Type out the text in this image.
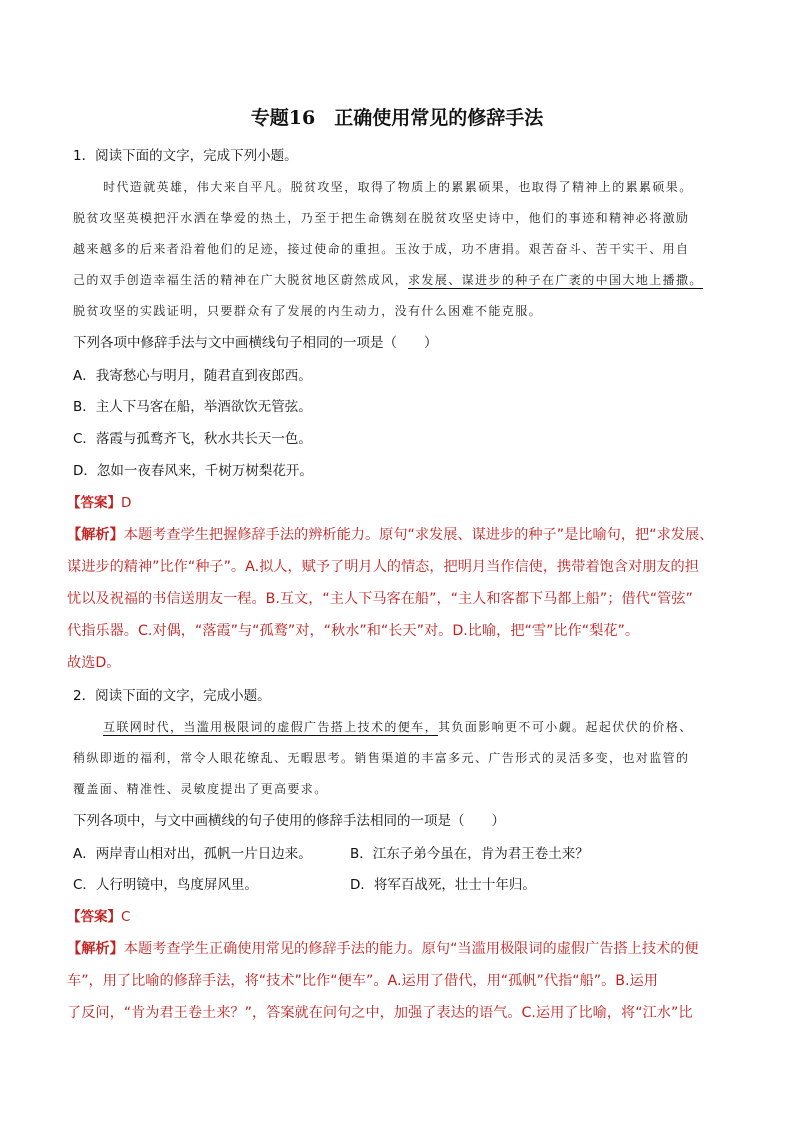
专题16　正确使用常见的修辞手法
1．阅读下面的文字，完成下列小题。
时代造就英雄，伟大来自平凡。脱贫攻坚，取得了物质上的累累硕果，也取得了精神上的累累硕果。
脱贫攻坚英模把汗水洒在挚爱的热土，乃至于把生命镌刻在脱贫攻坚史诗中，他们的事迹和精神必将激励
越来越多的后来者沿着他们的足迹，接过使命的重担。玉汝于成，功不唐捐。艰苦奋斗、苦干实干、用自
己的双手创造幸福生活的精神在广大脱贫地区蔚然成风，求发展、谋进步的种子在广袤的中国大地上播撒。
脱贫攻坚的实践证明，只要群众有了发展的内生动力，没有什么困难不能克服。
下列各项中修辞手法与文中画横线句子相同的一项是（　　）
A．我寄愁心与明月，随君直到夜郎西。
B．主人下马客在船，举酒欲饮无管弦。
C．落霞与孤鹜齐飞，秋水共长天一色。
D．忽如一夜春风来，千树万树梨花开。
【答案】D
【解析】本题考查学生把握修辞手法的辨析能力。原句“求发展、谋进步的种子”是比喻句，把“求发展、
谋进步的精神”比作“种子”。A.拟人，赋予了明月人的情态，把明月当作信使，携带着饱含对朋友的担
忧以及祝福的书信送朋友一程。B.互文，“主人下马客在船”，“主人和客都下马都上船”；借代“管弦”
代指乐器。C.对偶，“落霞”与“孤鹜”对，“秋水”和“长天”对。D.比喻，把“雪”比作“梨花”。
故选D。
2．阅读下面的文字，完成小题。
互联网时代，当滥用极限词的虚假广告搭上技术的便车，其负面影响更不可小觑。起起伏伏的价格、
稍纵即逝的福利，常令人眼花缭乱、无暇思考。销售渠道的丰富多元、广告形式的灵活多变，也对监管的
覆盖面、精准性、灵敏度提出了更高要求。
下列各项中，与文中画横线的句子使用的修辞手法相同的一项是（　　）
A．两岸青山相对出，孤帆一片日边来。	B．江东子弟今虽在，肯为君王卷土来？
C．人行明镜中，鸟度屏风里。	D．将军百战死，壮士十年归。
【答案】C
【解析】本题考查学生正确使用常见的修辞手法的能力。原句“当滥用极限词的虚假广告搭上技术的便
车”，用了比喻的修辞手法，将“技术”比作“便车”。A.运用了借代，用“孤帆”代指“船”。B.运用
了反问，“肯为君王卷土来？”，答案就在问句之中，加强了表达的语气。C.运用了比喻，将“江水”比
